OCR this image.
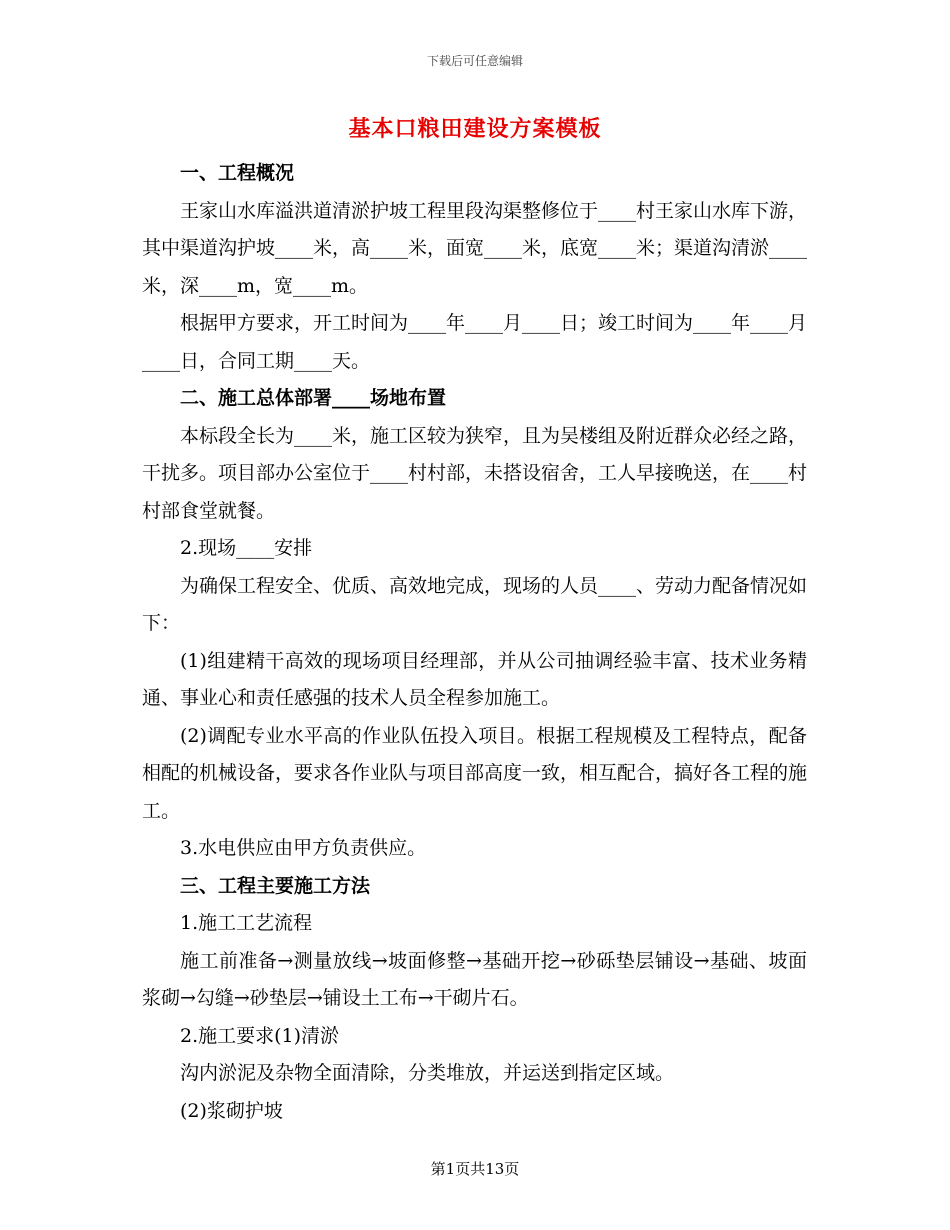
下载后可任意编辑
基本口粮田建设方案模板

一、工程概况

王家山水库溢洪道清淤护坡工程里段沟渠整修位于____村王家山水库下游，其中渠道沟护坡____米，高____米，面宽____米，底宽____米；渠道沟清淤____米，深____m，宽____m。

根据甲方要求，开工时间为____年____月____日；竣工时间为____年____月____日，合同工期____天。

二、施工总体部署____场地布置

本标段全长为____米，施工区较为狭窄，且为吴楼组及附近群众必经之路，干扰多。项目部办公室位于____村村部，未搭设宿舍，工人早接晚送，在____村村部食堂就餐。

2.现场____安排

为确保工程安全、优质、高效地完成，现场的人员____、劳动力配备情况如下：

(1)组建精干高效的现场项目经理部，并从公司抽调经验丰富、技术业务精通、事业心和责任感强的技术人员全程参加施工。

(2)调配专业水平高的作业队伍投入项目。根据工程规模及工程特点，配备相配的机械设备，要求各作业队与项目部高度一致，相互配合，搞好各工程的施工。

3.水电供应由甲方负责供应。

三、工程主要施工方法

1.施工工艺流程

施工前准备→测量放线→坡面修整→基础开挖→砂砾垫层铺设→基础、坡面浆砌→勾缝→砂垫层→铺设土工布→干砌片石。

2.施工要求(1)清淤

沟内淤泥及杂物全面清除，分类堆放，并运送到指定区域。

(2)浆砌护坡

第1页共13页
